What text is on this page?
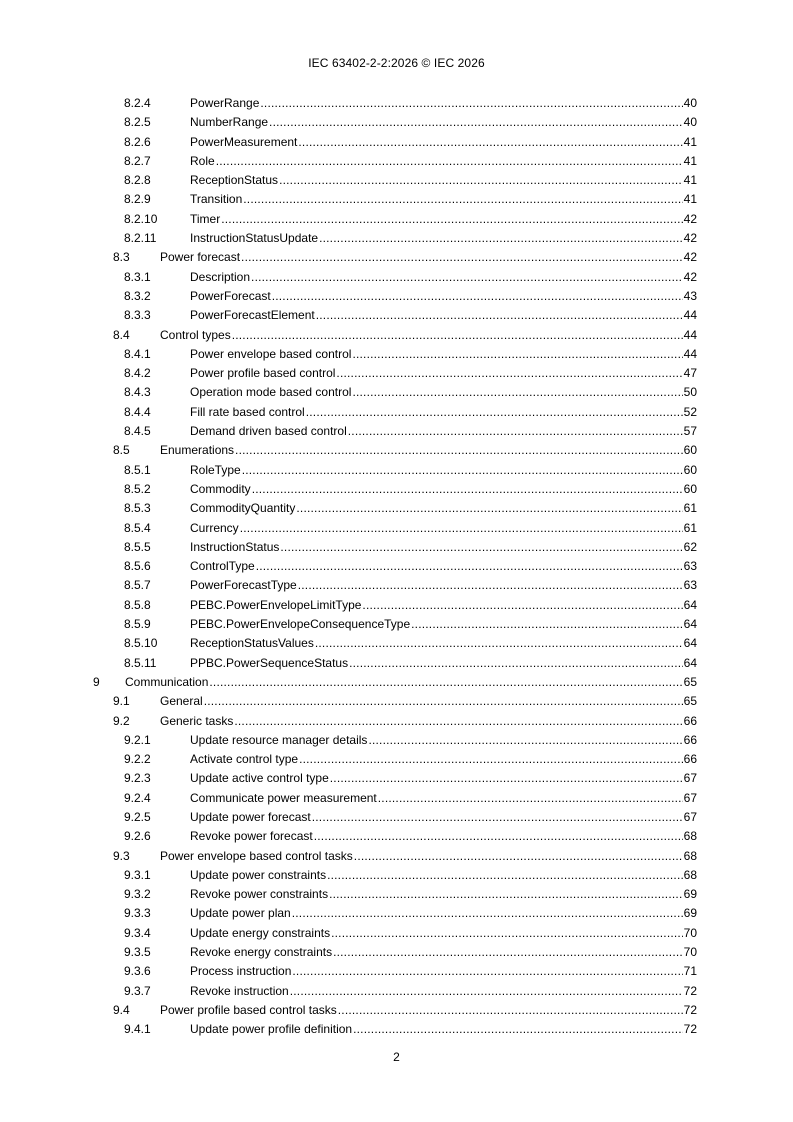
IEC 63402-2-2:2026 © IEC 2026
8.2.4	PowerRange .....	40
8.2.5	NumberRange .....	40
8.2.6	PowerMeasurement .....	41
8.2.7	Role .....	41
8.2.8	ReceptionStatus .....	41
8.2.9	Transition .....	41
8.2.10	Timer .....	42
8.2.11	InstructionStatusUpdate .....	42
8.3	Power forecast .....	42
8.3.1	Description .....	42
8.3.2	PowerForecast .....	43
8.3.3	PowerForecastElement .....	44
8.4	Control types .....	44
8.4.1	Power envelope based control .....	44
8.4.2	Power profile based control .....	47
8.4.3	Operation mode based control .....	50
8.4.4	Fill rate based control .....	52
8.4.5	Demand driven based control .....	57
8.5	Enumerations .....	60
8.5.1	RoleType .....	60
8.5.2	Commodity .....	60
8.5.3	CommodityQuantity .....	61
8.5.4	Currency .....	61
8.5.5	InstructionStatus .....	62
8.5.6	ControlType .....	63
8.5.7	PowerForecastType .....	63
8.5.8	PEBC.PowerEnvelopeLimitType .....	64
8.5.9	PEBC.PowerEnvelopeConsequenceType .....	64
8.5.10	ReceptionStatusValues .....	64
8.5.11	PPBC.PowerSequenceStatus .....	64
9 Communication .....	65
9.1	General .....	65
9.2	Generic tasks .....	66
9.2.1	Update resource manager details .....	66
9.2.2	Activate control type .....	66
9.2.3	Update active control type .....	67
9.2.4	Communicate power measurement .....	67
9.2.5	Update power forecast .....	67
9.2.6	Revoke power forecast .....	68
9.3	Power envelope based control tasks .....	68
9.3.1	Update power constraints .....	68
9.3.2	Revoke power constraints .....	69
9.3.3	Update power plan .....	69
9.3.4	Update energy constraints .....	70
9.3.5	Revoke energy constraints .....	70
9.3.6	Process instruction .....	71
9.3.7	Revoke instruction .....	72
9.4	Power profile based control tasks .....	72
9.4.1	Update power profile definition .....	72
2
